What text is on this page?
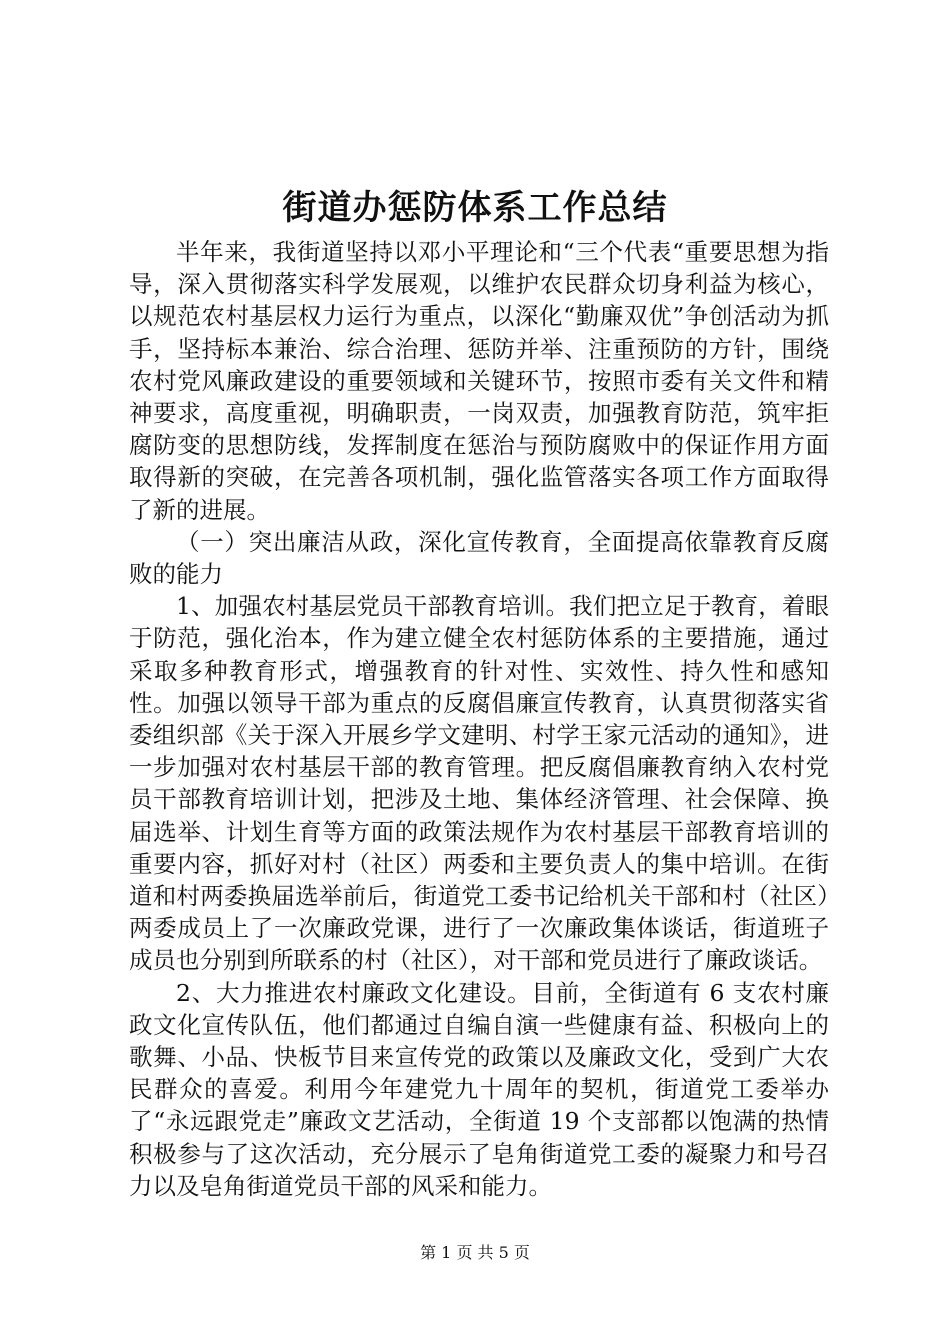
街道办惩防体系工作总结

半年来，我街道坚持以邓小平理论和“三个代表“重要思想为指导，深入贯彻落实科学发展观，以维护农民群众切身利益为核心，以规范农村基层权力运行为重点，以深化“勤廉双优”争创活动为抓手，坚持标本兼治、综合治理、惩防并举、注重预防的方针，围绕农村党风廉政建设的重要领域和关键环节，按照市委有关文件和精神要求，高度重视，明确职责，一岗双责，加强教育防范，筑牢拒腐防变的思想防线，发挥制度在惩治与预防腐败中的保证作用方面取得新的突破，在完善各项机制，强化监管落实各项工作方面取得了新的进展。

（一）突出廉洁从政，深化宣传教育，全面提高依靠教育反腐败的能力

1、加强农村基层党员干部教育培训。我们把立足于教育，着眼于防范，强化治本，作为建立健全农村惩防体系的主要措施，通过采取多种教育形式，增强教育的针对性、实效性、持久性和感知性。加强以领导干部为重点的反腐倡廉宣传教育，认真贯彻落实省委组织部《关于深入开展乡学文建明、村学王家元活动的通知》，进一步加强对农村基层干部的教育管理。把反腐倡廉教育纳入农村党员干部教育培训计划，把涉及土地、集体经济管理、社会保障、换届选举、计划生育等方面的政策法规作为农村基层干部教育培训的重要内容，抓好对村（社区）两委和主要负责人的集中培训。在街道和村两委换届选举前后，街道党工委书记给机关干部和村（社区）两委成员上了一次廉政党课，进行了一次廉政集体谈话，街道班子成员也分别到所联系的村（社区），对干部和党员进行了廉政谈话。

2、大力推进农村廉政文化建设。目前，全街道有 6 支农村廉政文化宣传队伍，他们都通过自编自演一些健康有益、积极向上的歌舞、小品、快板节目来宣传党的政策以及廉政文化，受到广大农民群众的喜爱。利用今年建党九十周年的契机，街道党工委举办了“永远跟党走”廉政文艺活动，全街道 19 个支部都以饱满的热情积极参与了这次活动，充分展示了皂角街道党工委的凝聚力和号召力以及皂角街道党员干部的风采和能力。

第 1 页 共 5 页
